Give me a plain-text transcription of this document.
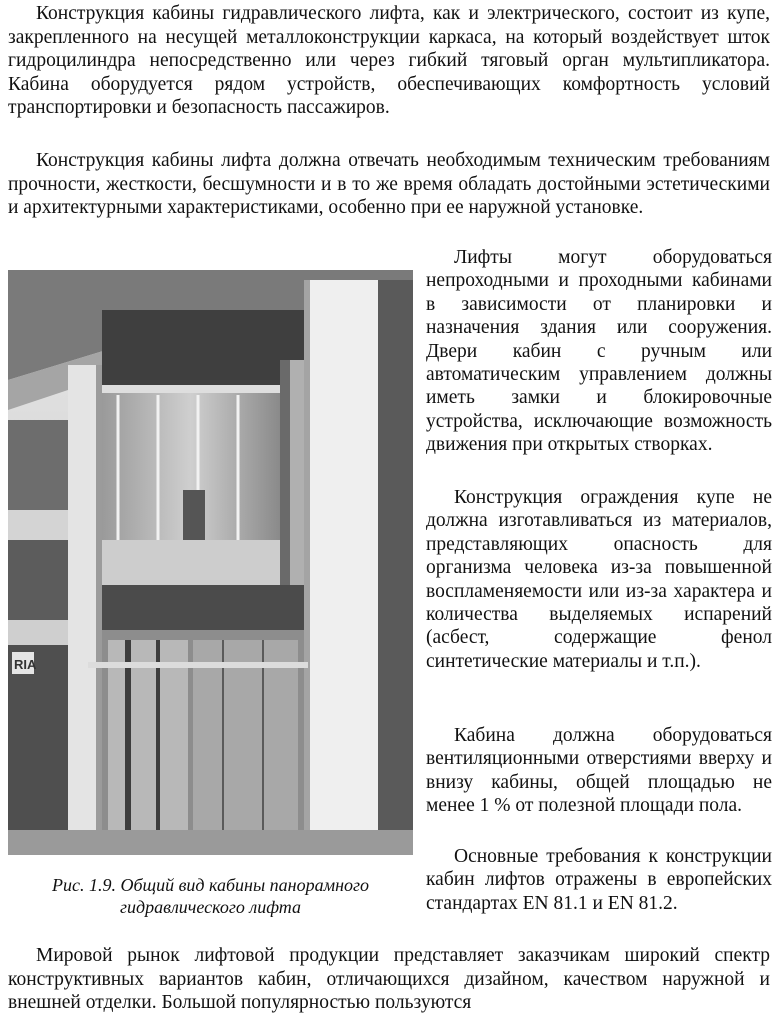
Конструкция кабины гидравлического лифта, как и электрического, состоит из купе, закрепленного на несущей металлоконструкции каркаса, на который воздействует шток гидроцилиндра непосредственно или через гибкий тяговый орган мультипликатора. Кабина оборудуется рядом устройств, обеспечивающих комфортность условий транспортировки и безопасность пассажиров.

Конструкция кабины лифта должна отвечать необходимым техническим требованиям прочности, жесткости, бесшумности и в то же время обладать достойными эстетическими и архитектурными характеристиками, особенно при ее наружной установке.

RIA

Рис. 1.9. Общий вид кабины панорамного
гидравлического лифта

Лифты могут оборудоваться непроходными и проходными кабинами в зависимости от планировки и назначения здания или сооружения. Двери кабин с ручным или автоматическим управлением должны иметь замки и блокировочные устройства, исключающие возможность движения при открытых створках.

Конструкция ограждения купе не должна изготавливаться из материалов, представляющих опасность для организма человека из-за повышенной воспламеняемости или из-за характера и количества выделяемых испарений (асбест, содержащие фенол синтетические материалы и т.п.).

Кабина должна оборудоваться вентиляционными отверстиями вверху и внизу кабины, общей площадью не менее 1 % от полезной площади пола.

Основные требования к конструкции кабин лифтов отражены в европейских стандартах EN 81.1 и EN 81.2.

Мировой рынок лифтовой продукции представляет заказчикам широкий спектр конструктивных вариантов кабин, отличающихся дизайном, качеством наружной и внешней отделки. Большой популярностью пользуются
